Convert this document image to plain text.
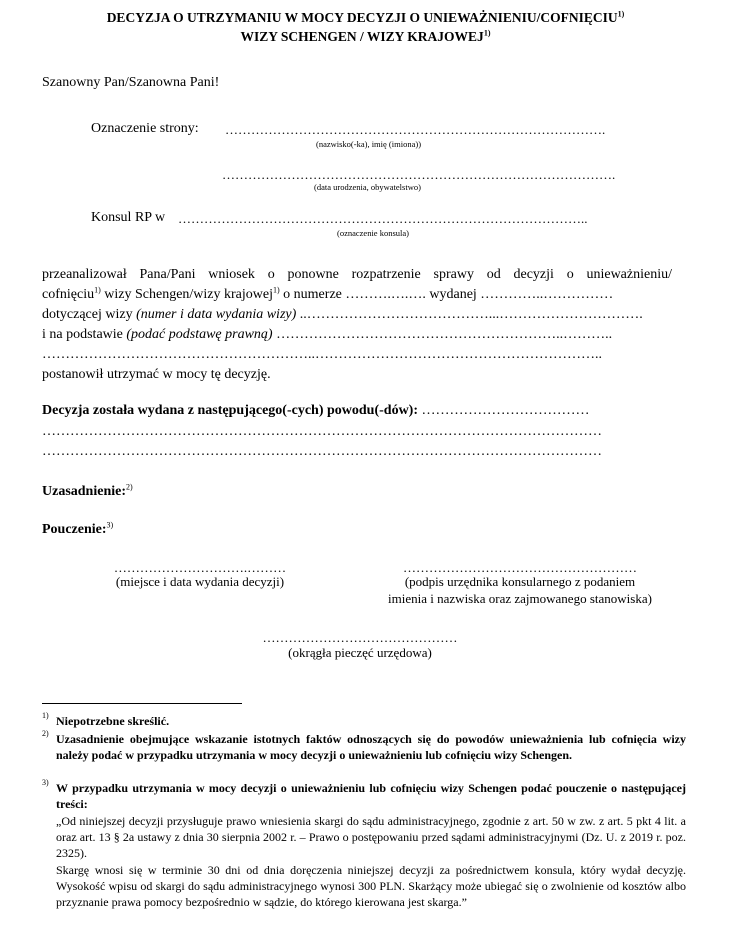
DECYZJA O UTRZYMANIU W MOCY DECYZJI O UNIEWAŻNIENIU/COFNIĘCIU$^{1)}$
WIZY SCHENGEN / WIZY KRAJOWEJ$^{1)}$
Szanowny Pan/Szanowna Pani!
Oznaczenie strony: …………………………………………………………………………….
(nazwisko(-ka), imię (imiona))
……………………………………………………………………………….
(data urodzenia, obywatelstwo)
Konsul RP w …………………………………………………………………………………..
(oznaczenie konsula)
przeanalizował Pana/Pani wniosek o ponowne rozpatrzenie sprawy od decyzji o unieważnieniu/
cofnięciu$^{1)}$ wizy Schengen/wizy krajowej$^{1)}$ o numerze ……….….…. wydanej …………..……………
dotyczącej wizy (numer i data wydania wizy) ..…………………………………...………………………….
i na podstawie (podać podstawę prawną) ……………………………………………………..………..
…………………………………………………..……………………………………………………..
postanowił utrzymać w mocy tę decyzję.
Decyzja została wydana z następującego(-cych) powodu(-dów): ………………………………
…………………………………………………………………………………………………………
…………………………………………………………………………………………………………
Uzasadnienie:$^{2)}$
Pouczenie:$^{3)}$
………………………….………
(miejsce i data wydania decyzji)
………………………………………………
(podpis urzędnika konsularnego z podaniem
imienia i nazwiska oraz zajmowanego stanowiska)
………………………………………
(okrągła pieczęć urzędowa)
1) Niepotrzebne skreślić.
2) Uzasadnienie obejmujące wskazanie istotnych faktów odnoszących się do powodów unieważnienia lub cofnięcia wizy należy podać w przypadku utrzymania w mocy decyzji o unieważnieniu lub cofnięciu wizy Schengen.
3) W przypadku utrzymania w mocy decyzji o unieważnieniu lub cofnięciu wizy Schengen podać pouczenie o następującej treści:
„Od niniejszej decyzji przysługuje prawo wniesienia skargi do sądu administracyjnego, zgodnie z art. 50 w zw. z art. 5 pkt 4 lit. a oraz art. 13 § 2a ustawy z dnia 30 sierpnia 2002 r. – Prawo o postępowaniu przed sądami administracyjnymi (Dz. U. z 2019 r. poz. 2325).
Skargę wnosi się w terminie 30 dni od dnia doręczenia niniejszej decyzji za pośrednictwem konsula, który wydał decyzję. Wysokość wpisu od skargi do sądu administracyjnego wynosi 300 PLN. Skarżący może ubiegać się o zwolnienie od kosztów albo przyznanie prawa pomocy bezpośrednio w sądzie, do którego kierowana jest skarga.”
